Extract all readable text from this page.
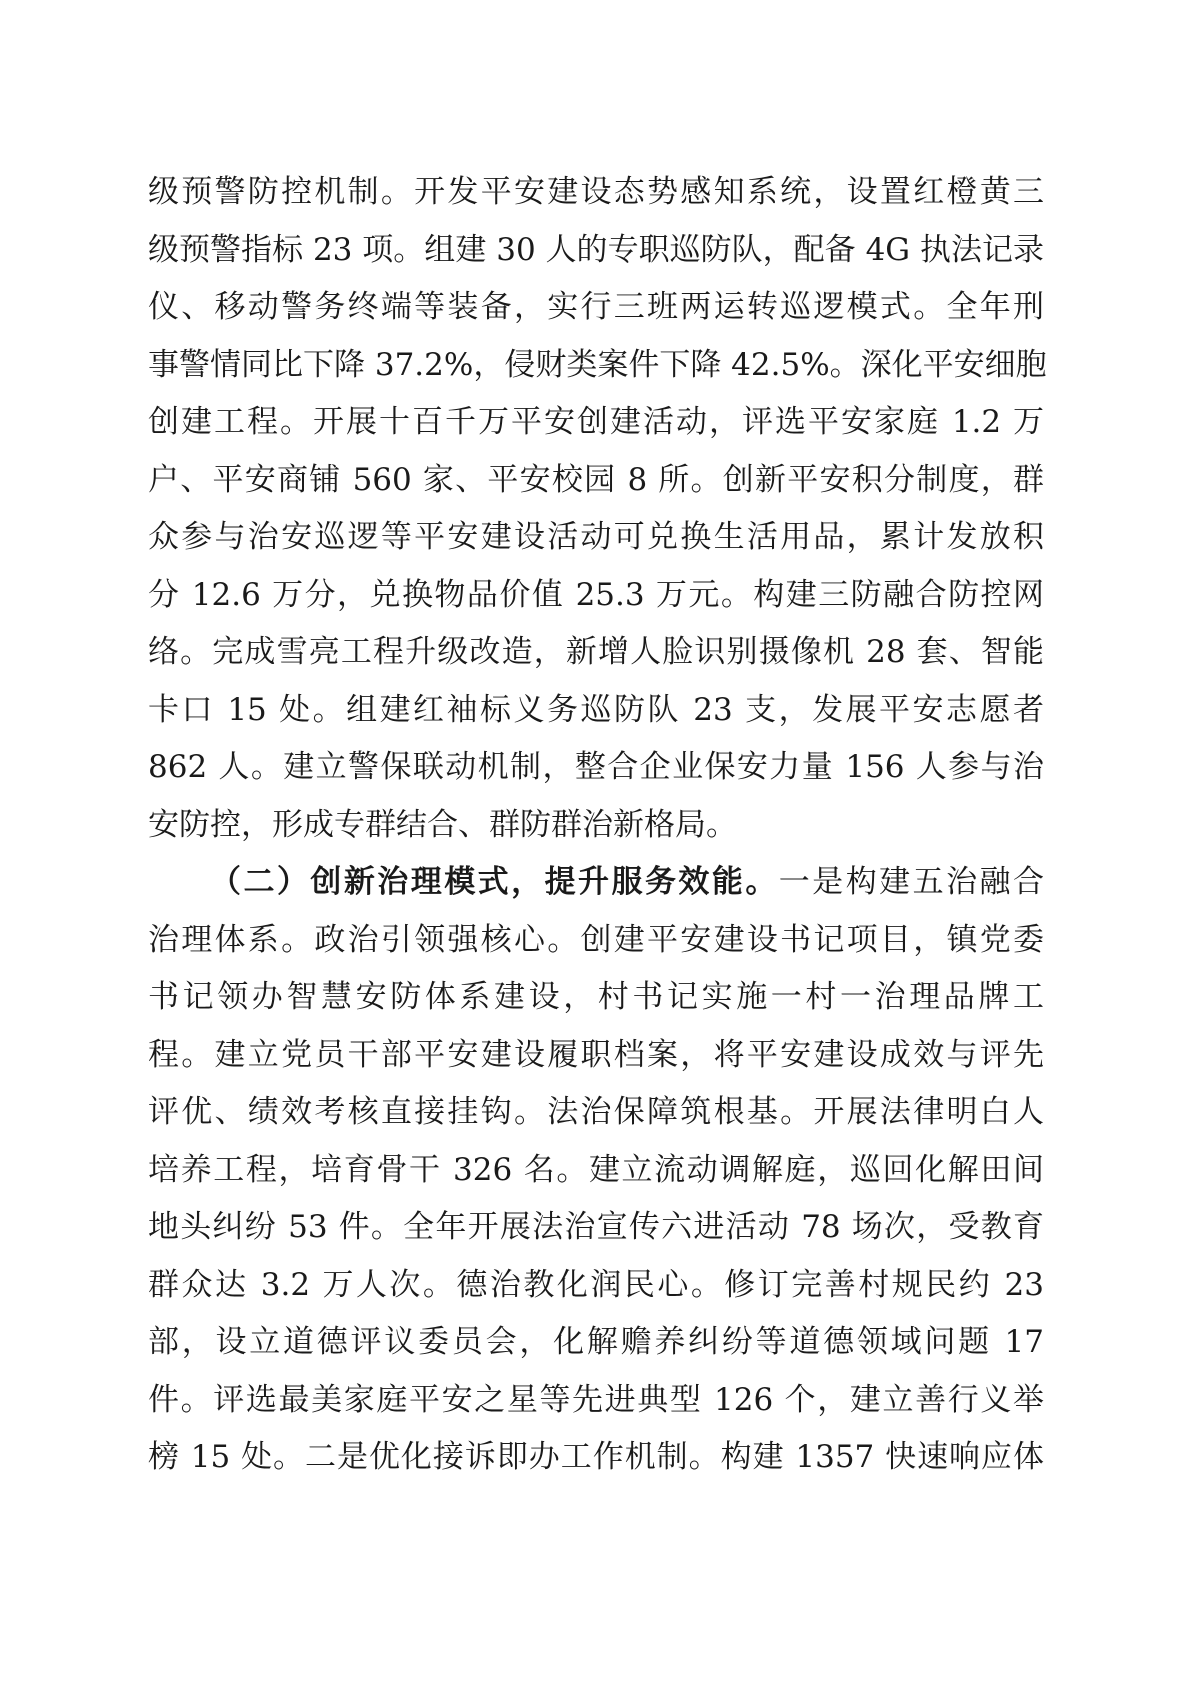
级预警防控机制。开发平安建设态势感知系统，设置红橙黄三
级预警指标 23 项。组建 30 人的专职巡防队，配备 4G 执法记录
仪、移动警务终端等装备，实行三班两运转巡逻模式。全年刑
事警情同比下降 37.2%，侵财类案件下降 42.5%。深化平安细胞
创建工程。开展十百千万平安创建活动，评选平安家庭 1.2 万
户、平安商铺 560 家、平安校园 8 所。创新平安积分制度，群
众参与治安巡逻等平安建设活动可兑换生活用品，累计发放积
分 12.6 万分，兑换物品价值 25.3 万元。构建三防融合防控网
络。完成雪亮工程升级改造，新增人脸识别摄像机 28 套、智能
卡口 15 处。组建红袖标义务巡防队 23 支，发展平安志愿者
862 人。建立警保联动机制，整合企业保安力量 156 人参与治
安防控，形成专群结合、群防群治新格局。
（二）创新治理模式，提升服务效能。一是构建五治融合
治理体系。政治引领强核心。创建平安建设书记项目，镇党委
书记领办智慧安防体系建设，村书记实施一村一治理品牌工
程。建立党员干部平安建设履职档案，将平安建设成效与评先
评优、绩效考核直接挂钩。法治保障筑根基。开展法律明白人
培养工程，培育骨干 326 名。建立流动调解庭，巡回化解田间
地头纠纷 53 件。全年开展法治宣传六进活动 78 场次，受教育
群众达 3.2 万人次。德治教化润民心。修订完善村规民约 23
部，设立道德评议委员会，化解赡养纠纷等道德领域问题 17
件。评选最美家庭平安之星等先进典型 126 个，建立善行义举
榜 15 处。二是优化接诉即办工作机制。构建 1357 快速响应体
